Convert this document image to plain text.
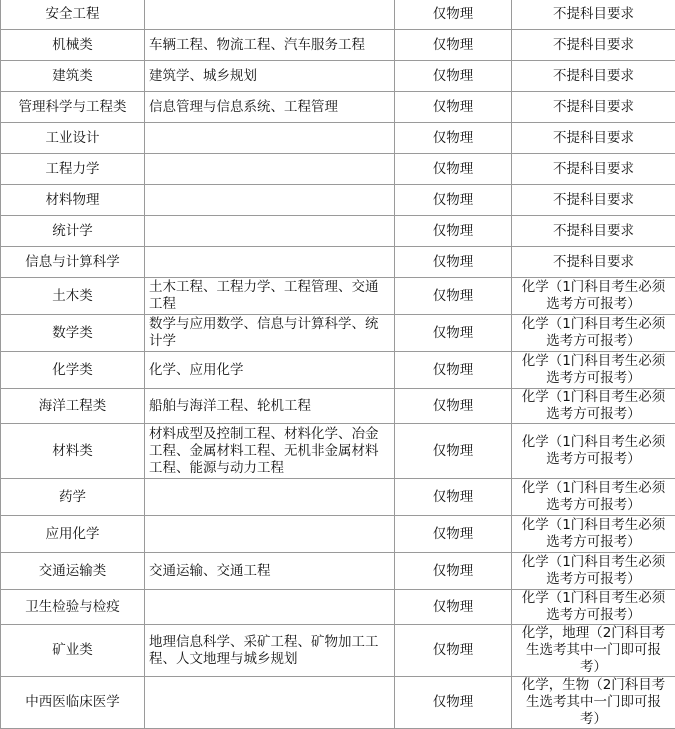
安全工程		仅物理	不提科目要求
机械类	车辆工程、物流工程、汽车服务工程	仅物理	不提科目要求
建筑类	建筑学、城乡规划	仅物理	不提科目要求
管理科学与工程类	信息管理与信息系统、工程管理	仅物理	不提科目要求
工业设计		仅物理	不提科目要求
工程力学		仅物理	不提科目要求
材料物理		仅物理	不提科目要求
统计学		仅物理	不提科目要求
信息与计算科学		仅物理	不提科目要求
土木类	土木工程、工程力学、工程管理、交通工程	仅物理	化学（1门科目考生必须选考方可报考）
数学类	数学与应用数学、信息与计算科学、统计学	仅物理	化学（1门科目考生必须选考方可报考）
化学类	化学、应用化学	仅物理	化学（1门科目考生必须选考方可报考）
海洋工程类	船舶与海洋工程、轮机工程	仅物理	化学（1门科目考生必须选考方可报考）
材料类	材料成型及控制工程、材料化学、冶金工程、金属材料工程、无机非金属材料工程、能源与动力工程	仅物理	化学（1门科目考生必须选考方可报考）
药学		仅物理	化学（1门科目考生必须选考方可报考）
应用化学		仅物理	化学（1门科目考生必须选考方可报考）
交通运输类	交通运输、交通工程	仅物理	化学（1门科目考生必须选考方可报考）
卫生检验与检疫		仅物理	化学（1门科目考生必须选考方可报考）
矿业类	地理信息科学、采矿工程、矿物加工工程、人文地理与城乡规划	仅物理	化学，地理（2门科目考生选考其中一门即可报考）
中西医临床医学		仅物理	化学，生物（2门科目考生选考其中一门即可报考）
